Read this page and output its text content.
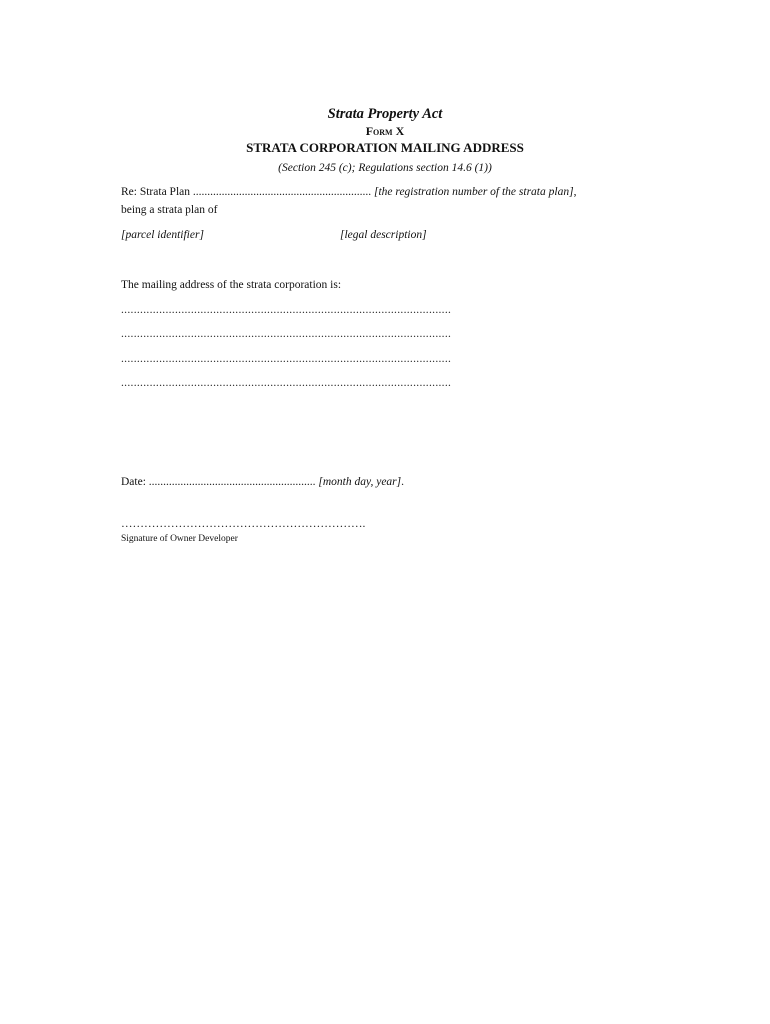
Strata Property Act
Form X
STRATA CORPORATION MAILING ADDRESS
(Section 245 (c); Regulations section 14.6 (1))
Re: Strata Plan .............................................................. [the registration number of the strata plan],
being a strata plan of
[parcel identifier]	[legal description]
The mailing address of the strata corporation is:
........................................................................................................
........................................................................................................
........................................................................................................
........................................................................................................
Date: .......................................................... [month day, year].
……………………………………………………….
Signature of Owner Developer
